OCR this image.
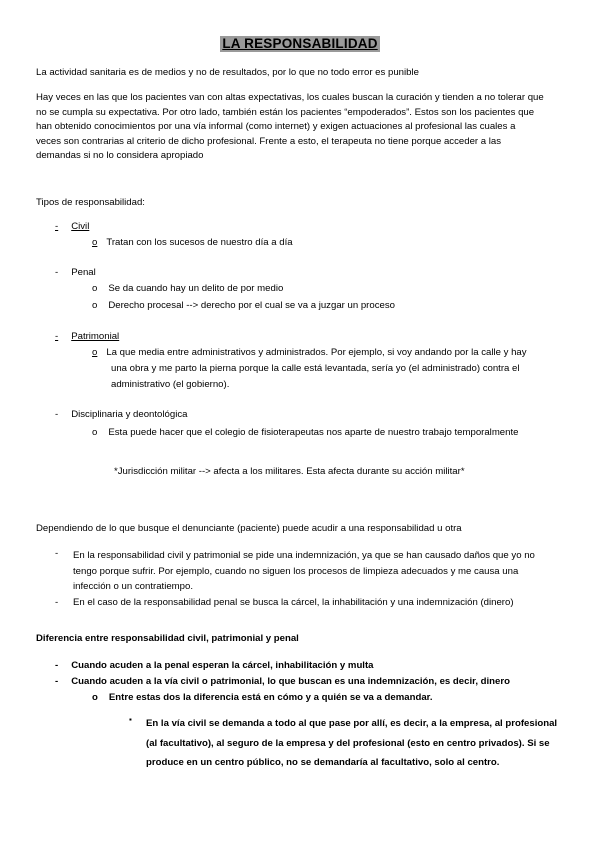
LA RESPONSABILIDAD
La actividad sanitaria es de medios y no de resultados, por lo que no todo error es punible
Hay veces en las que los pacientes van con altas expectativas, los cuales buscan la curación y tienden a no tolerar que
no se cumpla su expectativa. Por otro lado, también están los pacientes “empoderados”. Estos son los pacientes que
han obtenido conocimientos por una vía informal (como internet) y exigen actuaciones al profesional las cuales a
veces son contrarias al criterio de dicho profesional. Frente a esto, el terapeuta no tiene porque acceder a las
demandas si no lo considera apropiado
Tipos de responsabilidad:
- Civil
o Tratan con los sucesos de nuestro día a día
- Penal
o Se da cuando hay un delito de por medio
o Derecho procesal --> derecho por el cual se va a juzgar un proceso
- Patrimonial
o La que media entre administrativos y administrados. Por ejemplo, si voy andando por la calle y hay
una obra y me parto la pierna porque la calle está levantada, sería yo (el administrado) contra el
administrativo (el gobierno).
- Disciplinaria y deontológica
o Esta puede hacer que el colegio de fisioterapeutas nos aparte de nuestro trabajo temporalmente
*Jurisdicción militar --> afecta a los militares. Esta afecta durante su acción militar*
Dependiendo de lo que busque el denunciante (paciente) puede acudir a una responsabilidad u otra
- En la responsabilidad civil y patrimonial se pide una indemnización, ya que se han causado daños que yo no
tengo porque sufrir. Por ejemplo, cuando no siguen los procesos de limpieza adecuados y me causa una
infección o un contratiempo.
- En el caso de la responsabilidad penal se busca la cárcel, la inhabilitación y una indemnización (dinero)
Diferencia entre responsabilidad civil, patrimonial y penal
- Cuando acuden a la penal esperan la cárcel, inhabilitación y multa
- Cuando acuden a la vía civil o patrimonial, lo que buscan es una indemnización, es decir, dinero
o Entre estas dos la diferencia está en cómo y a quién se va a demandar.
▪ En la vía civil se demanda a todo al que pase por allí, es decir, a la empresa, al profesional
(al facultativo), al seguro de la empresa y del profesional (esto en centro privados). Si se
produce en un centro público, no se demandaría al facultativo, solo al centro.
